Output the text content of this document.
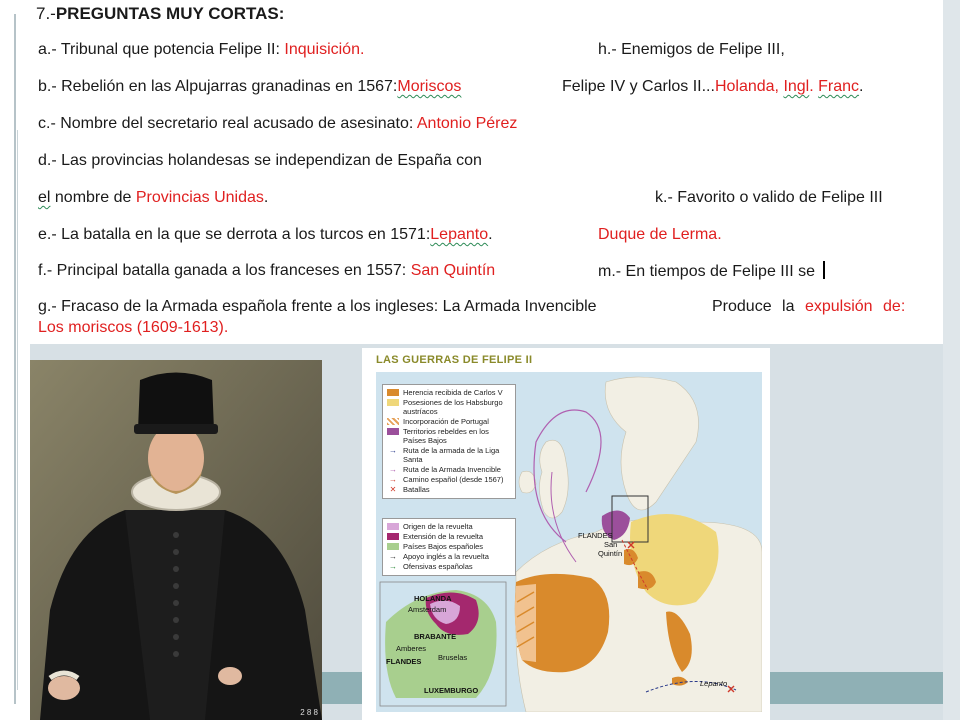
7.-PREGUNTAS MUY CORTAS:
a.- Tribunal que potencia Felipe II: Inquisición.	h.- Enemigos de Felipe III,
b.- Rebelión en las Alpujarras granadinas en 1567:Moriscos	Felipe IV y Carlos II...Holanda, Ingl. Franc.
c.- Nombre del secretario real acusado de asesinato: Antonio Pérez
d.- Las provincias holandesas se independizan de España con
el nombre de Provincias Unidas.	k.- Favorito o valido de Felipe III
e.- La batalla en la que se derrota a los turcos en 1571:Lepanto.	Duque de Lerma.
f.- Principal batalla ganada a los franceses en 1557: San Quintín	m.- En tiempos de Felipe III se
g.- Fracaso de la Armada española frente a los ingleses: La Armada Invencible	Produce la expulsión de:
Los moriscos (1609-1613).
2 8 8
LAS GUERRAS DE FELIPE II
Herencia recibida de Carlos V
Posesiones de los Habsburgo austríacos
Incorporación de Portugal
Territorios rebeldes en los Países Bajos
→ Ruta de la armada de la Liga Santa
→ Ruta de la Armada Invencible
→ Camino español (desde 1567)
✕ Batallas
Origen de la revuelta
Extensión de la revuelta
Países Bajos españoles
→ Apoyo inglés a la revuelta
→ Ofensivas españolas
FLANDES
San
Quintín
Lepanto
HOLANDA
Amsterdam
BRABANTE
Amberes
Bruselas
FLANDES
LUXEMBURGO
